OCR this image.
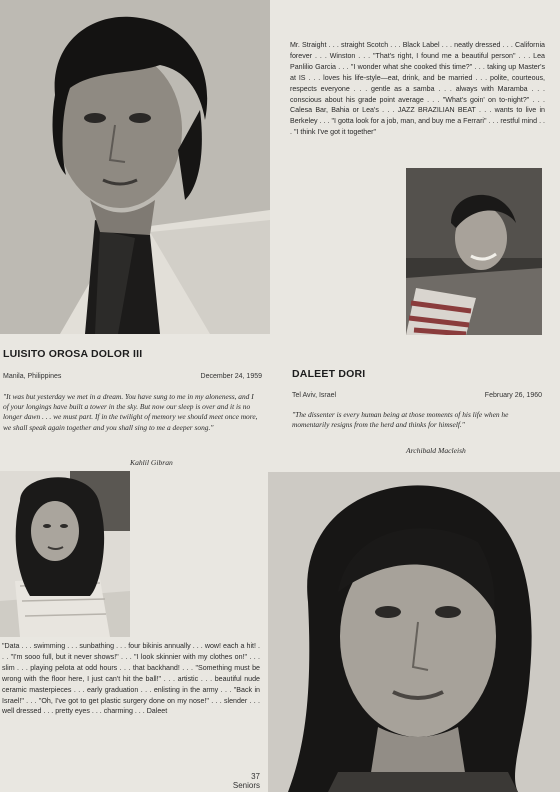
Mr. Straight . . . straight Scotch . . . Black Label . . . neatly dressed . . . California forever . . . Winston . . . "That's right, I found me a beautiful person" . . . Lea Panlilio Garcia . . . "I wonder what she cooked this time?" . . . taking up Master's at IS . . . loves his life-style—eat, drink, and be married . . . polite, courteous, respects everyone . . . gentle as a samba . . . always with Maramba . . . conscious about his grade point average . . . "What's goin' on to-night?" . . . Calesa Bar, Bahia or Lea's . . . JAZZ BRAZILIAN BEAT . . . wants to live in Berkeley . . . "I gotta look for a job, man, and buy me a Ferrari" . . . restful mind . . . "I think I've got it together"
LUISITO OROSA DOLOR III
Manila, Philippines	December 24, 1959
"It was but yesterday we met in a dream. You have sung to me in my aloneness, and I of your longings have built a tower in the sky. But now our sleep is over and it is no longer dawn . . . we must part. If in the twilight of memory we should meet once more, we shall speak again together and you shall sing to me a deeper song."
Kahlil Gibran
DALEET DORI
Tel Aviv, Israel	February 26, 1960
"The dissenter is every human being at those moments of his life when he momentarily resigns from the herd and thinks for himself."
Archibald Macleish
"Data . . . swimming . . . sunbathing . . . four bikinis annually . . . wow! each a hit! . . . "I'm sooo full, but it never shows!" . . . "I look skinnier with my clothes on!" . . . slim . . . playing pelota at odd hours . . . that backhand! . . . "Something must be wrong with the floor here, I just can't hit the ball!" . . . artistic . . . beautiful nude ceramic masterpieces . . . early graduation . . . enlisting in the army . . . "Back in Israel!" . . . "Oh, I've got to get plastic surgery done on my nose!" . . . slender . . . well dressed . . . pretty eyes . . . charming . . . Daleet
37
Seniors
